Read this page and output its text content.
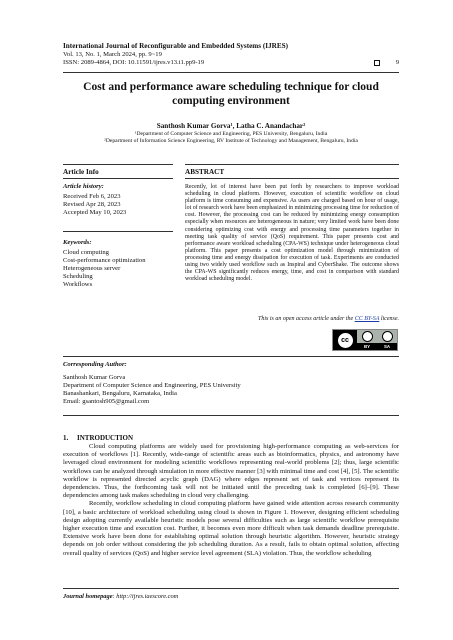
International Journal of Reconfigurable and Embedded Systems (IJRES)
Vol. 13, No. 1, March 2024, pp. 9~19
ISSN: 2089-4864, DOI: 10.11591/ijres.v13.i1.pp9-19	9
Cost and performance aware scheduling technique for cloud computing environment
Santhosh Kumar Gorva¹, Latha C. Anandachar²
¹Department of Computer Science and Engineering, PES University, Bengaluru, India
²Department of Information Science Engineering, RV Institute of Technology and Management, Bengaluru, India
Article Info	ABSTRACT
Article history:
Received Feb 6, 2023
Revised Apr 28, 2023
Accepted May 10, 2023
Keywords:
Cloud computing
Cost-performance optimization
Heterogeneous server
Scheduling
Workflows
Recently, lot of interest have been put forth by researchers to improve workload scheduling in cloud platform. However, execution of scientific workflow on cloud platform is time consuming and expensive. As users are charged based on hour of usage, lot of research work have been emphasized in minimizing processing time for reduction of cost. However, the processing cost can be reduced by minimizing energy consumption especially when resources are heterogeneous in nature; very limited work have been done considering optimizing cost with energy and processing time parameters together in meeting task quality of service (QoS) requirement. This paper presents cost and performance aware workload scheduling (CPA-WS) technique under heterogeneous cloud platform. This paper presents a cost optimization model through minimization of processing time and energy dissipation for execution of task. Experiments are conducted using two widely used workflow such as Inspiral and CyberShake. The outcome shows the CPA-WS significantly reduces energy, time, and cost in comparison with standard workload scheduling model.
This is an open access article under the CC BY-SA license.
cc
BY	SA
Corresponding Author:
Santhosh Kumar Gorva
Department of Computer Science and Engineering, PES University
Banashankari, Bengaluru, Karnataka, India
Email: gsantosh905@gmail.com
1.     INTRODUCTION

Cloud computing platforms are widely used for provisioning high-performance computing as web-services for execution of workflows [1]. Recently, wide-range of scientific areas such as bioinformatics, physics, and astronomy have leveraged cloud environment for modeling scientific workflows representing real-world problems [2]; thus, large scientific workflows can be analyzed through simulation in more effective manner [3] with minimal time and cost [4], [5]. The scientific workflow is represented directed acyclic graph (DAG) where edges represent set of task and vertices represent its dependencies. Thus, the forthcoming task will not be initiated until the preceding task is completed [6]–[9]. These dependencies among task makes scheduling in cloud very challenging.

Recently, workflow scheduling in cloud computing platform have gained wide attention across research community [10], a basic architecture of workload scheduling using cloud is shown in Figure 1. However, designing efficient scheduling design adopting currently available heuristic models pose several difficulties such as large scientific workflow prerequisite higher execution time and execution cost. Further, it becomes even more difficult when task demands deadline prerequisite. Extensive work have been done for establishing optimal solution through heuristic algorithm. However, heuristic strategy depends on job order without considering the job scheduling duration. As a result, fails to obtain optimal solution, affecting overall quality of services (QoS) and higher service level agreement (SLA) violation. Thus, the workflow scheduling

Journal homepage: http://ijres.iaescore.com
